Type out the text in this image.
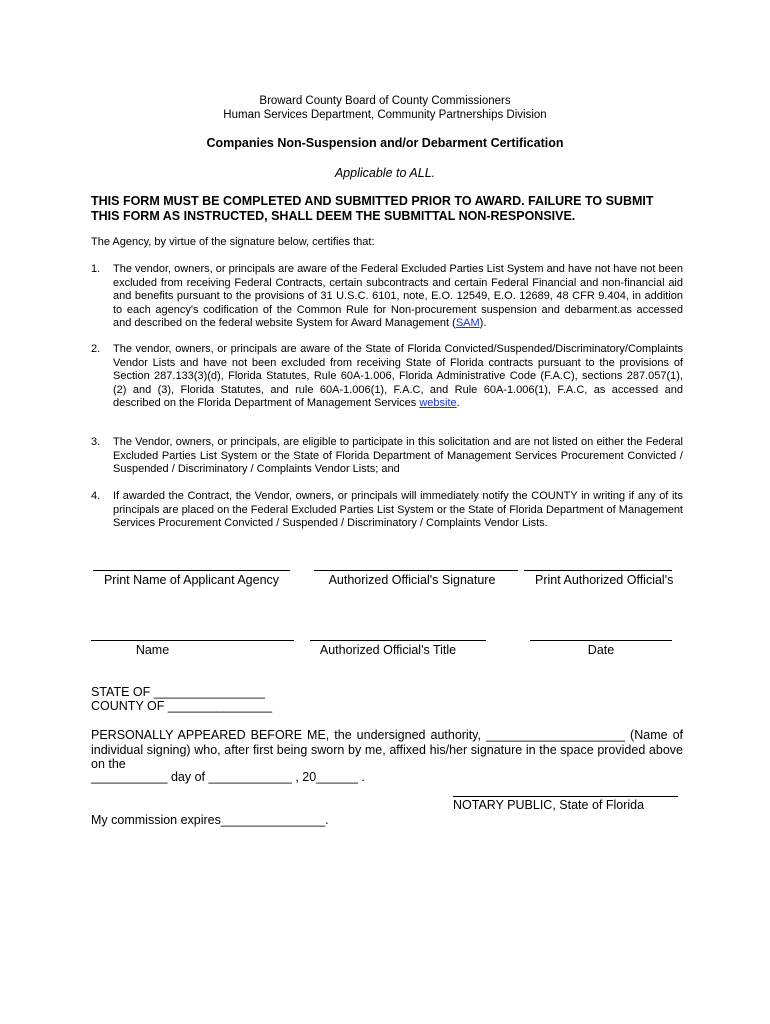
Broward County Board of County Commissioners
Human Services Department, Community Partnerships Division
Companies Non-Suspension and/or Debarment Certification
Applicable to ALL.
THIS FORM MUST BE COMPLETED AND SUBMITTED PRIOR TO AWARD. FAILURE TO SUBMIT THIS FORM AS INSTRUCTED, SHALL DEEM THE SUBMITTAL NON-RESPONSIVE.
The Agency, by virtue of the signature below, certifies that:
1. The vendor, owners, or principals are aware of the Federal Excluded Parties List System and have not have not been excluded from receiving Federal Contracts, certain subcontracts and certain Federal Financial and non-financial aid and benefits pursuant to the provisions of 31 U.S.C. 6101, note, E.O. 12549, E.O. 12689, 48 CFR 9.404, in addition to each agency's codification of the Common Rule for Non-procurement suspension and debarment.as accessed and described on the federal website System for Award Management (SAM).
2. The vendor, owners, or principals are aware of the State of Florida Convicted/Suspended/Discriminatory/Complaints Vendor Lists and have not been excluded from receiving State of Florida contracts pursuant to the provisions of Section 287.133(3)(d), Florida Statutes, Rule 60A-1.006, Florida Administrative Code (F.A.C), sections 287.057(1), (2) and (3), Florida Statutes, and rule 60A-1.006(1), F.A.C, and Rule 60A-1.006(1), F.A.C, as accessed and described on the Florida Department of Management Services website.
3. The Vendor, owners, or principals, are eligible to participate in this solicitation and are not listed on either the Federal Excluded Parties List System or the State of Florida Department of Management Services Procurement Convicted / Suspended / Discriminatory / Complaints Vendor Lists; and
4. If awarded the Contract, the Vendor, owners, or principals will immediately notify the COUNTY in writing if any of its principals are placed on the Federal Excluded Parties List System or the State of Florida Department of Management Services Procurement Convicted / Suspended / Discriminatory / Complaints Vendor Lists.
Print Name of Applicant Agency	Authorized Official's Signature	Print Authorized Official's
Name	Authorized Official's Title	Date
STATE OF ________________
COUNTY OF _______________
PERSONALLY APPEARED BEFORE ME, the undersigned authority, ____________________ (Name of individual signing) who, after first being sworn by me, affixed his/her signature in the space provided above on the
___________ day of ____________ , 20______ .
NOTARY PUBLIC, State of Florida
My commission expires_______________.
